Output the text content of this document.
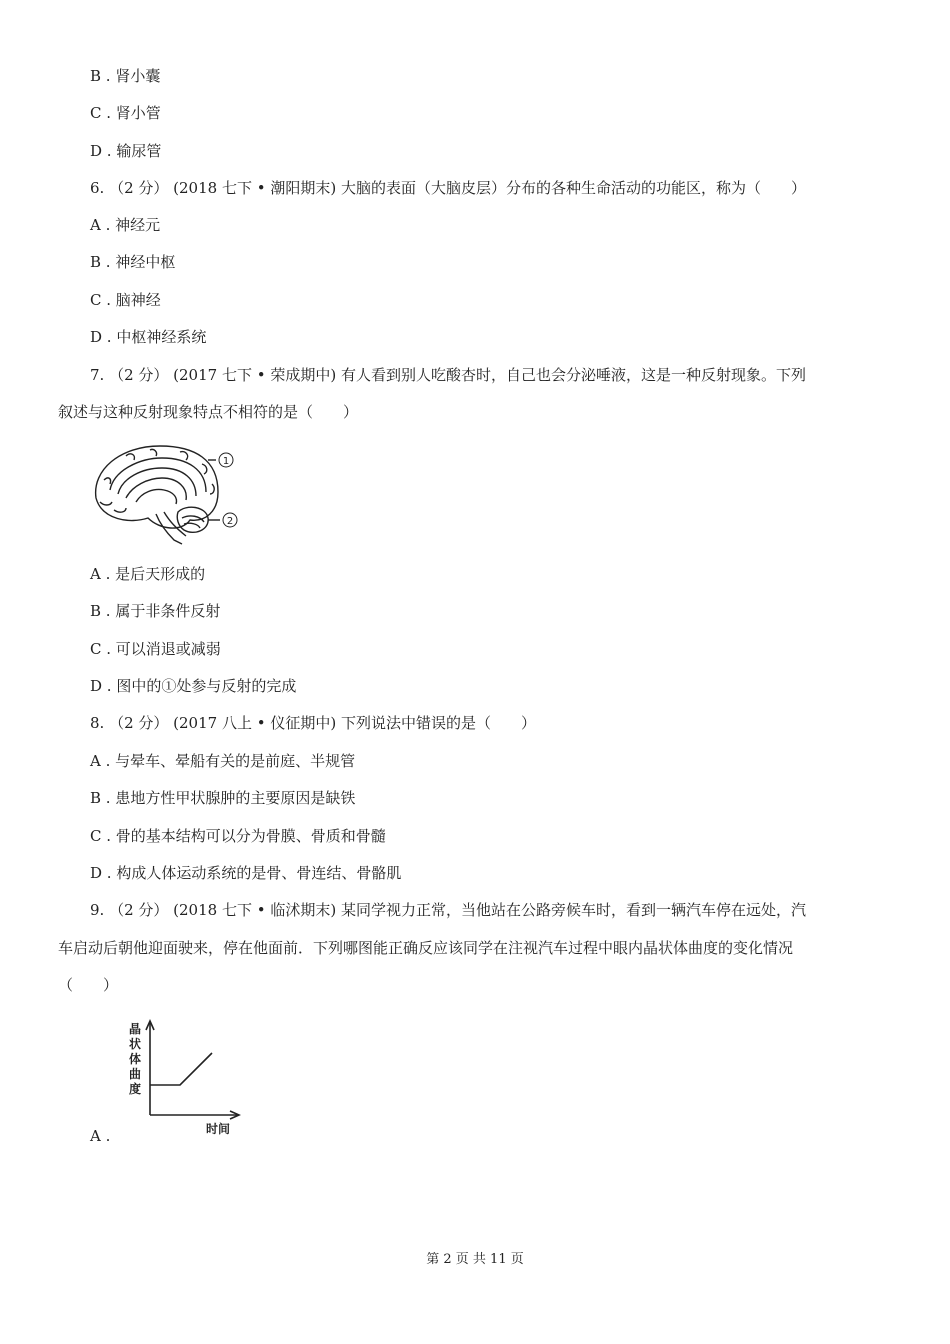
B . 肾小囊
C . 肾小管
D . 输尿管
6. （2 分） (2018 七下 • 潮阳期末) 大脑的表面（大脑皮层）分布的各种生命活动的功能区，称为（　　）
A . 神经元
B . 神经中枢
C . 脑神经
D . 中枢神经系统
7. （2 分） (2017 七下 • 荣成期中) 有人看到别人吃酸杏时，自己也会分泌唾液，这是一种反射现象。下列
叙述与这种反射现象特点不相符的是（　　）
A . 是后天形成的
B . 属于非条件反射
C . 可以消退或减弱
D . 图中的①处参与反射的完成
8. （2 分） (2017 八上 • 仪征期中) 下列说法中错误的是（　　）
A . 与晕车、晕船有关的是前庭、半规管
B . 患地方性甲状腺肿的主要原因是缺铁
C . 骨的基本结构可以分为骨膜、骨质和骨髓
D . 构成人体运动系统的是骨、骨连结、骨骼肌
9. （2 分） (2018 七下 • 临沭期末) 某同学视力正常，当他站在公路旁候车时，看到一辆汽车停在远处，汽
车启动后朝他迎面驶来，停在他面前．下列哪图能正确反应该同学在注视汽车过程中眼内晶状体曲度的变化情况
（　　）
A .
1
2
晶
状
体
曲
度
时间
第 2 页 共 11 页
